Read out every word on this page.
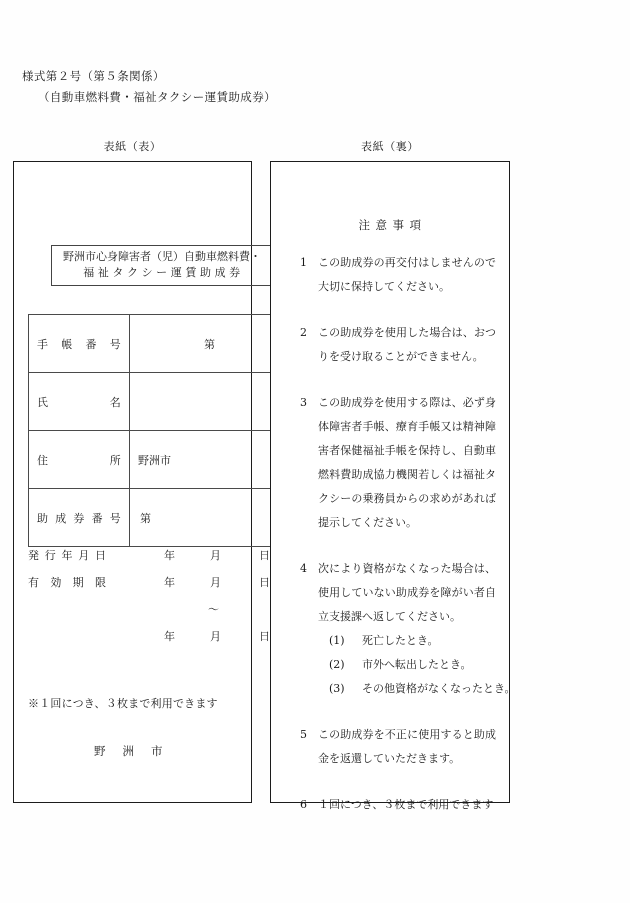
様式第２号（第５条関係）
（自動車燃料費・福祉タクシー運賃助成券）
表紙（表）	表紙（裏）
野洲市心身障害者（児）自動車燃料費・
福祉タクシー運賃助成券
手帳番号	第

氏名	

住所	野洲市

助成券番号	第
発行年月日	年	月	日
有効期限	年	月	日
〜
年	月	日
※１回につき、３枚まで利用できます
野洲市
注意事項
1 この助成券の再交付はしませんので大切に保持してください。
2 この助成券を使用した場合は、おつりを受け取ることができません。
3 この助成券を使用する際は、必ず身体障害者手帳、療育手帳又は精神障害者保健福祉手帳を保持し、自動車燃料費助成協力機関若しくは福祉タクシーの乗務員からの求めがあれば提示してください。
4 次により資格がなくなった場合は、使用していない助成券を障がい者自立支援課へ返してください。
(1) 死亡したとき。
(2) 市外へ転出したとき。
(3) その他資格がなくなったとき。
5 この助成券を不正に使用すると助成金を返還していただきます。
6 １回につき、３枚まで利用できます
